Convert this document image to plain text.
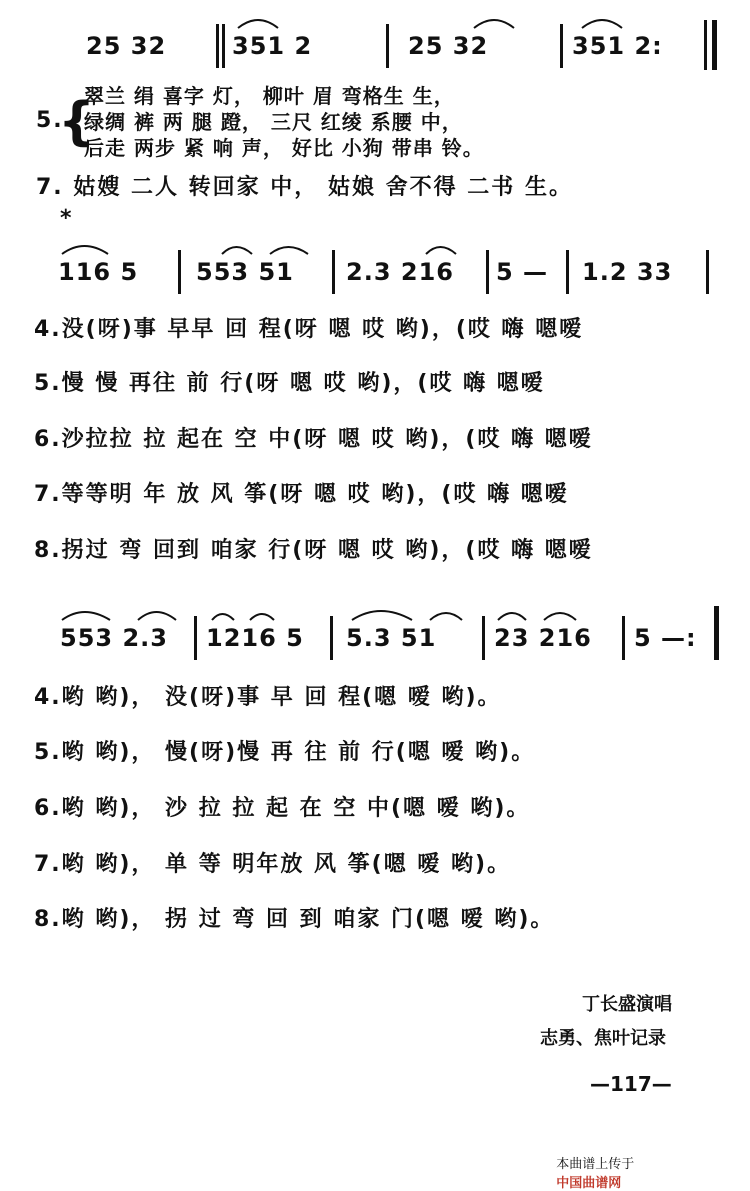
25 32	351 2	25 32	351 2:
5.
{
翠兰 绢 喜字 灯， 柳叶 眉 弯格生 生，
绿绸 裤 两 腿 蹬， 三尺 红绫 系腰 中，
后走 两步 紧 响 声， 好比 小狗 带串 铃。
7. 姑嫂 二人 转回家 中， 姑娘 舍不得 二书 生。
*
116 5 553 51 2.3 216 5 — 1.2 33
4.没(呀)事 早早 回 程(呀 嗯 哎 哟)，(哎 嗨 嗯嗳
5.慢 慢 再往 前 行(呀 嗯 哎 哟)，(哎 嗨 嗯嗳
6.沙拉拉 拉 起在 空 中(呀 嗯 哎 哟)，(哎 嗨 嗯嗳
7.等等明 年 放 风 筝(呀 嗯 哎 哟)，(哎 嗨 嗯嗳
8.拐过 弯 回到 咱家 行(呀 嗯 哎 哟)，(哎 嗨 嗯嗳
553 2.3 1216 5 5.3 51 23 216 5 —:
4.哟 哟)， 没(呀)事 早 回 程(嗯 嗳 哟)。
5.哟 哟)， 慢(呀)慢 再 往 前 行(嗯 嗳 哟)。
6.哟 哟)， 沙 拉 拉 起 在 空 中(嗯 嗳 哟)。
7.哟 哟)， 单 等 明年放 风 筝(嗯 嗳 哟)。
8.哟 哟)， 拐 过 弯 回 到 咱家 门(嗯 嗳 哟)。
丁长盛演唱
志勇、焦叶记录
—117—

本曲谱上传于
中国曲谱网
